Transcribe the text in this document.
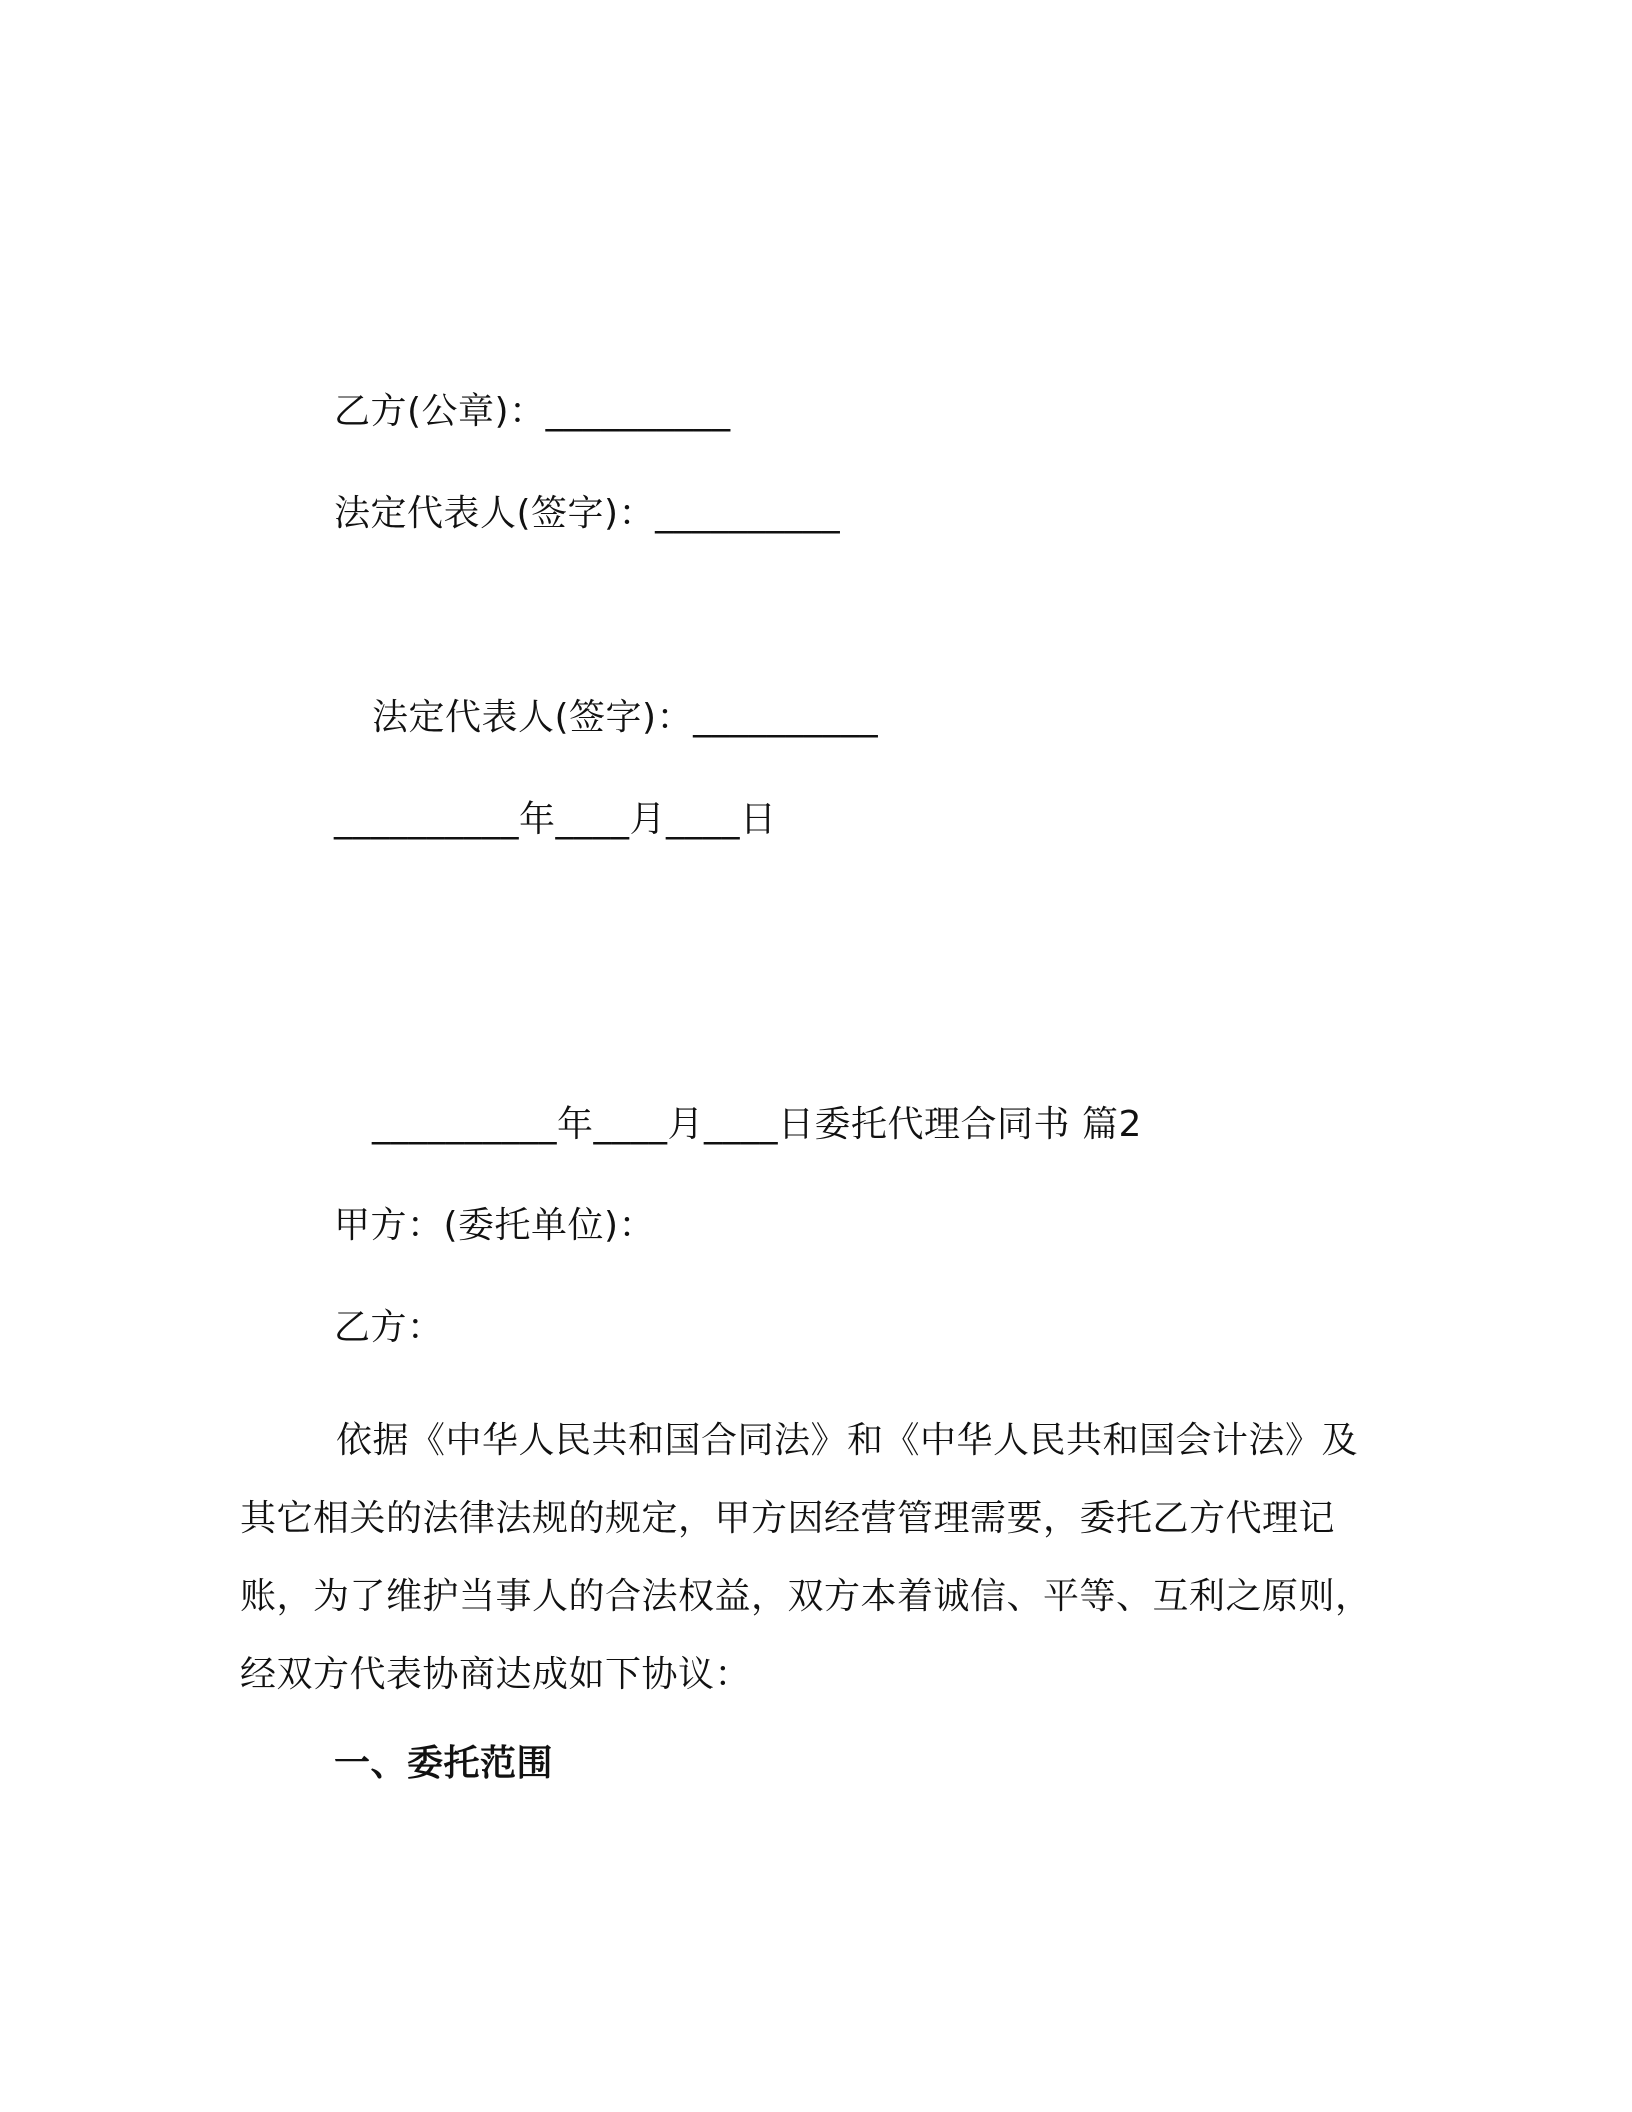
乙方(公章)：__________
法定代表人(签字)：__________
法定代表人(签字)：__________
__________年____月____日
__________年____月____日委托代理合同书 篇2
甲方：(委托单位)：
乙方：

依据《中华人民共和国合同法》和《中华人民共和国会计法》及其它相关的法律法规的规定，甲方因经营管理需要，委托乙方代理记账，为了维护当事人的合法权益，双方本着诚信、平等、互利之原则，经双方代表协商达成如下协议：

一、委托范围
